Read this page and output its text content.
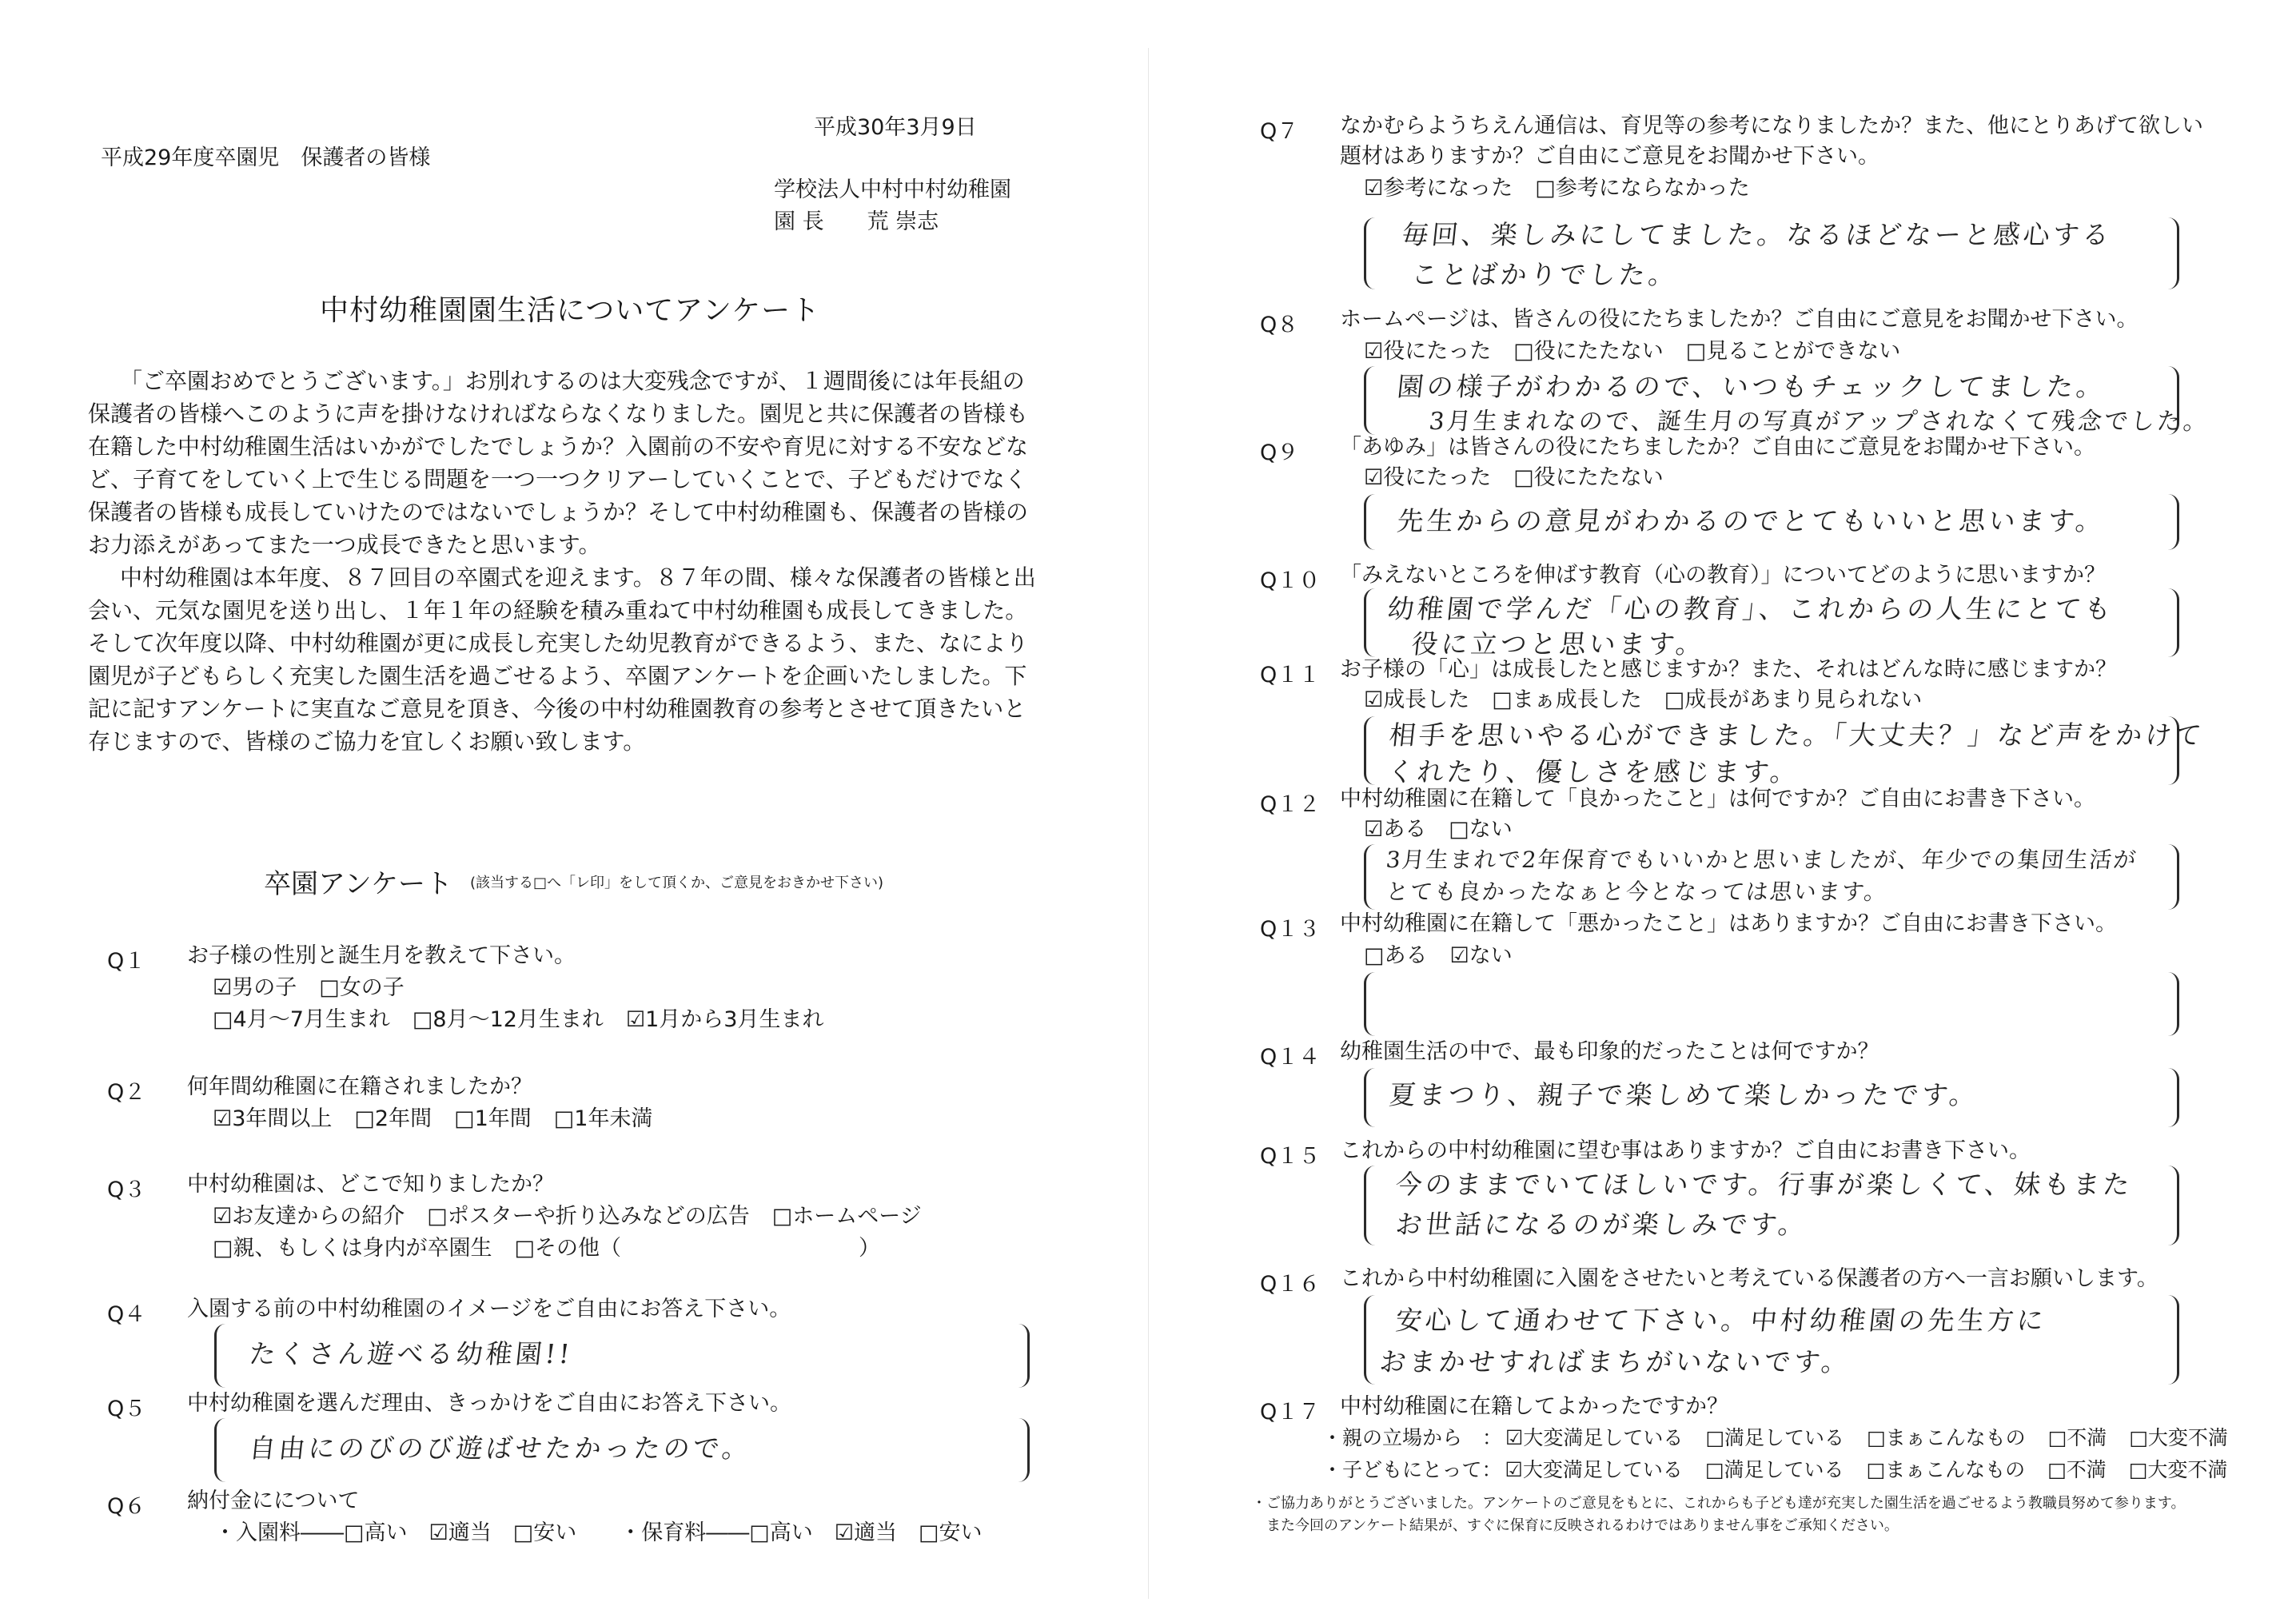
平成30年3月9日
平成29年度卒園児　保護者の皆様
学校法人中村中村幼稚園
園 長　　荒 崇志
中村幼稚園園生活についてアンケート

「ご卒園おめでとうございます。」お別れするのは大変残念ですが、１週間後には年長組の保護者の皆様へこのように声を掛けなければならなくなりました。園児と共に保護者の皆様も在籍した中村幼稚園生活はいかがでしたでしょうか？入園前の不安や育児に対する不安などなど、子育てをしていく上で生じる問題を一つ一つクリアーしていくことで、子どもだけでなく保護者の皆様も成長していけたのではないでしょうか？そして中村幼稚園も、保護者の皆様のお力添えがあってまた一つ成長できたと思います。

中村幼稚園は本年度、８７回目の卒園式を迎えます。８７年の間、様々な保護者の皆様と出会い、元気な園児を送り出し、１年１年の経験を積み重ねて中村幼稚園も成長してきました。そして次年度以降、中村幼稚園が更に成長し充実した幼児教育ができるよう、また、なにより園児が子どもらしく充実した園生活を過ごせるよう、卒園アンケートを企画いたしました。下記に記すアンケートに実直なご意見を頂き、今後の中村幼稚園教育の参考とさせて頂きたいと存じますので、皆様のご協力を宜しくお願い致します。

卒園アンケート (該当する□へ「レ印」をして頂くか、ご意見をおきかせ下さい)
Q１ お子様の性別と誕生月を教えて下さい。
☑男の子 □女の子
□4月～7月生まれ □8月～12月生まれ ☑1月から3月生まれ
Q２ 何年間幼稚園に在籍されましたか？
☑3年間以上 □2年間 □1年間 □1年未満
Q３ 中村幼稚園は、どこで知りましたか？
☑お友達からの紹介 □ポスターや折り込みなどの広告 □ホームページ
□親、もしくは身内が卒園生 □その他（　　　　　　　　　　　）
Q４ 入園する前の中村幼稚園のイメージをご自由にお答え下さい。
たくさん遊べる幼稚園!!
Q５ 中村幼稚園を選んだ理由、きっかけをご自由にお答え下さい。
自由にのびのび遊ばせたかったので。
Q６ 納付金にについて
・入園料――□高い　☑適当　□安い　　・保育料――□高い　☑適当　□安い
Q７ なかむらようちえん通信は、育児等の参考になりましたか？また、他にとりあげて欲しい
題材はありますか？ご自由にご意見をお聞かせ下さい。
☑参考になった □参考にならなかった
毎回、楽しみにしてました。なるほどなーと感心する
ことばかりでした。
Q８ ホームページは、皆さんの役にたちましたか？ご自由にご意見をお聞かせ下さい。
☑役にたった □役にたたない □見ることができない
園の様子がわかるので、いつもチェックしてました。
3月生まれなので、誕生月の写真がアップされなくて残念でした。
Q９ 「あゆみ」は皆さんの役にたちましたか？ご自由にご意見をお聞かせ下さい。
☑役にたった □役にたたない
先生からの意見がわかるのでとてもいいと思います。
Q１０ 「みえないところを伸ばす教育（心の教育）」についてどのように思いますか？
幼稚園で学んだ「心の教育」、これからの人生にとても
役に立つと思います。
Q１１ お子様の「心」は成長したと感じますか？また、それはどんな時に感じますか？
☑成長した □まぁ成長した □成長があまり見られない
相手を思いやる心ができました。「大丈夫？」など声をかけて
くれたり、優しさを感じます。
Q１２ 中村幼稚園に在籍して「良かったこと」は何ですか？ご自由にお書き下さい。
☑ある □ない
3月生まれで2年保育でもいいかと思いましたが、年少での集団生活が
とても良かったなぁと今となっては思います。
Q１３ 中村幼稚園に在籍して「悪かったこと」はありますか？ご自由にお書き下さい。
□ある ☑ない
Q１４ 幼稚園生活の中で、最も印象的だったことは何ですか？
夏まつり、親子で楽しめて楽しかったです。
Q１５ これからの中村幼稚園に望む事はありますか？ご自由にお書き下さい。
今のままでいてほしいです。行事が楽しくて、妹もまた
お世話になるのが楽しみです。
Q１６ これから中村幼稚園に入園をさせたいと考えている保護者の方へ一言お願いします。
安心して通わせて下さい。中村幼稚園の先生方に
おまかせすればまちがいないです。
Q１７ 中村幼稚園に在籍してよかったですか？
・親の立場から　： ☑大変満足している □満足している □まぁこんなもの □不満 □大変不満
・子どもにとって： ☑大変満足している □満足している □まぁこんなもの □不満 □大変不満
・ご協力ありがとうございました。アンケートのご意見をもとに、これからも子ども達が充実した園生活を過ごせるよう教職員努めて参ります。
　また今回のアンケート結果が、すぐに保育に反映されるわけではありません事をご承知ください。
